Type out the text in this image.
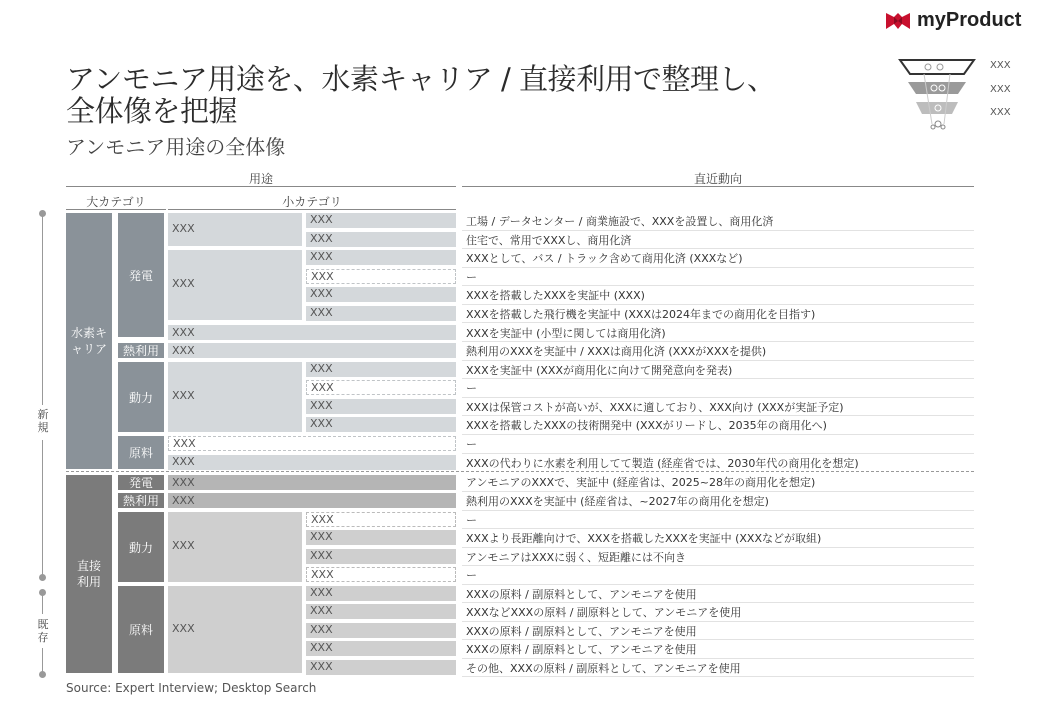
myProduct
XXX
XXX
XXX
アンモニア用途を、水素キャリア / 直接利用で整理し、
全体像を把握
アンモニア用途の全体像
用途	直近動向
大カテゴリ	小カテゴリ
新規
既存
水素キャリア
直接利用
発電
熱利用
動力
原料
発電
熱利用
動力
原料
XXX
XXX
XXX
XXX
XXX
XXX
XXX
XXX
XXX
XXX
XXX
XXX
XXX
XXX
XXX
XXX
XXX
XXX
XXX
XXX
XXX
XXX
XXX
XXX
XXX
XXX
XXX
XXX
XXX
XXX
工場 / データセンター / 商業施設で、XXXを設置し、商用化済
住宅で、常用でXXXし、商用化済
XXXとして、バス / トラック含めて商用化済 (XXXなど)
ー
XXXを搭載したXXXを実証中 (XXX)
XXXを搭載した飛行機を実証中 (XXXは2024年までの商用化を目指す)
XXXを実証中 (小型に関しては商用化済)
熱利用のXXXを実証中 / XXXは商用化済 (XXXがXXXを提供)
XXXを実証中 (XXXが商用化に向けて開発意向を発表)
ー
XXXは保管コストが高いが、XXXに適しており、XXX向け (XXXが実証予定)
XXXを搭載したXXXの技術開発中 (XXXがリードし、2035年の商用化へ)
ー
XXXの代わりに水素を利用してて製造 (経産省では、2030年代の商用化を想定)
アンモニアのXXXで、実証中 (経産省は、2025~28年の商用化を想定)
熱利用のXXXを実証中 (経産省は、~2027年の商用化を想定)
ー
XXXより長距離向けで、XXXを搭載したXXXを実証中 (XXXなどが取組)
アンモニアはXXXに弱く、短距離には不向き
ー
XXXの原料 / 副原料として、アンモニアを使用
XXXなどXXXの原料 / 副原料として、アンモニアを使用
XXXの原料 / 副原料として、アンモニアを使用
XXXの原料 / 副原料として、アンモニアを使用
その他、XXXの原料 / 副原料として、アンモニアを使用
Source: Expert Interview; Desktop Search
